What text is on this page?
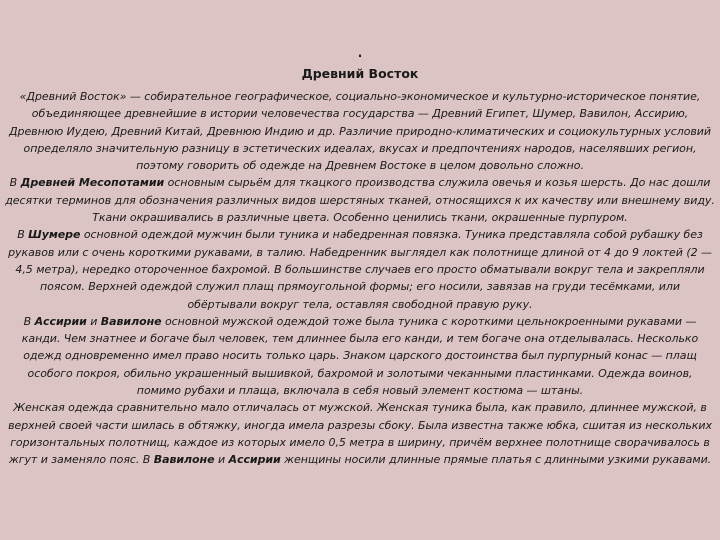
.
Древний Восток

«Древний Восток» — собирательное географическое, социально-экономическое и культурно-историческое понятие, объединяющее древнейшие в истории человечества государства — Древний Египет, Шумер, Вавилон, Ассирию, Древнюю Иудею, Древний Китай, Древнюю Индию и др. Различие природно-климатических и социокультурных условий определяло значительную разницу в эстетических идеалах, вкусах и предпочтениях народов, населявших регион, поэтому говорить об одежде на Древнем Востоке в целом довольно сложно.

В Древней Месопотамии основным сырьём для ткацкого производства служила овечья и козья шерсть. До нас дошли десятки терминов для обозначения различных видов шерстяных тканей, относящихся к их качеству или внешнему виду. Ткани окрашивались в различные цвета. Особенно ценились ткани, окрашенные пурпуром.

В Шумере основной одеждой мужчин были туника и набедренная повязка. Туника представляла собой рубашку без рукавов или с очень короткими рукавами, в талию. Набедренник выглядел как полотнище длиной от 4 до 9 локтей (2 — 4,5 метра), нередко отороченное бахромой. В большинстве случаев его просто обматывали вокруг тела и закрепляли поясом. Верхней одеждой служил плащ прямоугольной формы; его носили, завязав на груди тесёмками, или обёртывали вокруг тела, оставляя свободной правую руку.

В Ассирии и Вавилоне основной мужской одеждой тоже была туника с короткими цельнокроенными рукавами — канди. Чем знатнее и богаче был человек, тем длиннее была его канди, и тем богаче она отделывалась. Несколько одежд одновременно имел право носить только царь. Знаком царского достоинства был пурпурный конас — плащ особого покроя, обильно украшенный вышивкой, бахромой и золотыми чеканными пластинками. Одежда воинов, помимо рубахи и плаща, включала в себя новый элемент костюма — штаны.

Женская одежда сравнительно мало отличалась от мужской. Женская туника была, как правило, длиннее мужской, в верхней своей части шилась в обтяжку, иногда имела разрезы сбоку. Была известна также юбка, сшитая из нескольких горизонтальных полотнищ, каждое из которых имело 0,5 метра в ширину, причём верхнее полотнище сворачивалось в жгут и заменяло пояс. В Вавилоне и Ассирии женщины носили длинные прямые платья с длинными узкими рукавами.
